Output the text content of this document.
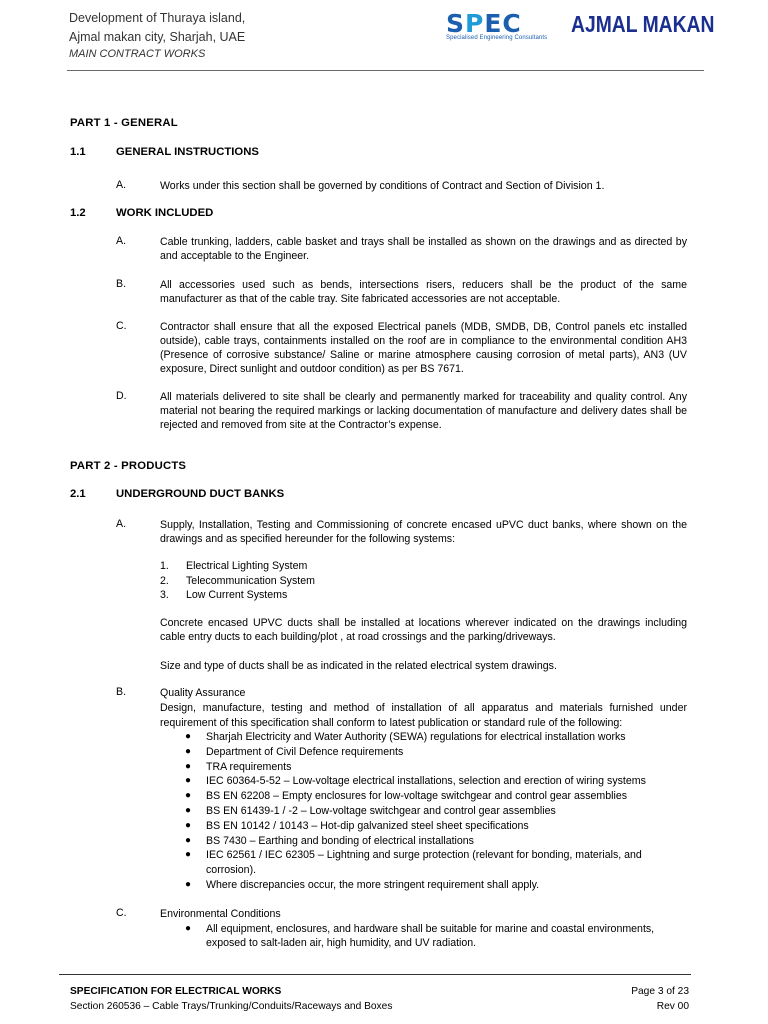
Development of Thuraya island,
Ajmal makan city, Sharjah, UAE
MAIN CONTRACT WORKS
SPEC
Specialised Engineering Consultants
AJMAL MAKAN
PART 1 - GENERAL
1.1	GENERAL INSTRUCTIONS
A.	Works under this section shall be governed by conditions of Contract and Section of Division 1.
1.2	WORK INCLUDED
A.	Cable trunking, ladders, cable basket and trays shall be installed as shown on the drawings and as directed by and acceptable to the Engineer.
B.	All accessories used such as bends, intersections risers, reducers shall be the product of the same manufacturer as that of the cable tray. Site fabricated accessories are not acceptable.
C.	Contractor shall ensure that all the exposed Electrical panels (MDB, SMDB, DB, Control panels etc installed outside), cable trays, containments installed on the roof are in compliance to the environmental condition AH3 (Presence of corrosive substance/ Saline or marine atmosphere causing corrosion of metal parts), AN3 (UV exposure, Direct sunlight and outdoor condition) as per BS 7671.
D.	All materials delivered to site shall be clearly and permanently marked for traceability and quality control. Any material not bearing the required markings or lacking documentation of manufacture and delivery dates shall be rejected and removed from site at the Contractor’s expense.
PART 2 - PRODUCTS
2.1	UNDERGROUND DUCT BANKS
A.	Supply, Installation, Testing and Commissioning of concrete encased uPVC duct banks, where shown on the drawings and as specified hereunder for the following systems:
1. Electrical Lighting System
2. Telecommunication System
3. Low Current Systems
Concrete encased UPVC ducts shall be installed at locations wherever indicated on the drawings including cable entry ducts to each building/plot , at road crossings and the parking/driveways.
Size and type of ducts shall be as indicated in the related electrical system drawings.
B.	Quality Assurance
Design, manufacture, testing and method of installation of all apparatus and materials furnished under requirement of this specification shall conform to latest publication or standard rule of the following:
● Sharjah Electricity and Water Authority (SEWA) regulations for electrical installation works
● Department of Civil Defence requirements
● TRA requirements
● IEC 60364-5-52 – Low-voltage electrical installations, selection and erection of wiring systems
● BS EN 62208 – Empty enclosures for low-voltage switchgear and control gear assemblies
● BS EN 61439-1 / -2 – Low-voltage switchgear and control gear assemblies
● BS EN 10142 / 10143 – Hot-dip galvanized steel sheet specifications
● BS 7430 – Earthing and bonding of electrical installations
● IEC 62561 / IEC 62305 – Lightning and surge protection (relevant for bonding, materials, and corrosion).
● Where discrepancies occur, the more stringent requirement shall apply.
C.	Environmental Conditions
● All equipment, enclosures, and hardware shall be suitable for marine and coastal environments, exposed to salt-laden air, high humidity, and UV radiation.
SPECIFICATION FOR ELECTRICAL WORKS
Section 260536 – Cable Trays/Trunking/Conduits/Raceways and Boxes
Page 3 of 23
Rev 00
